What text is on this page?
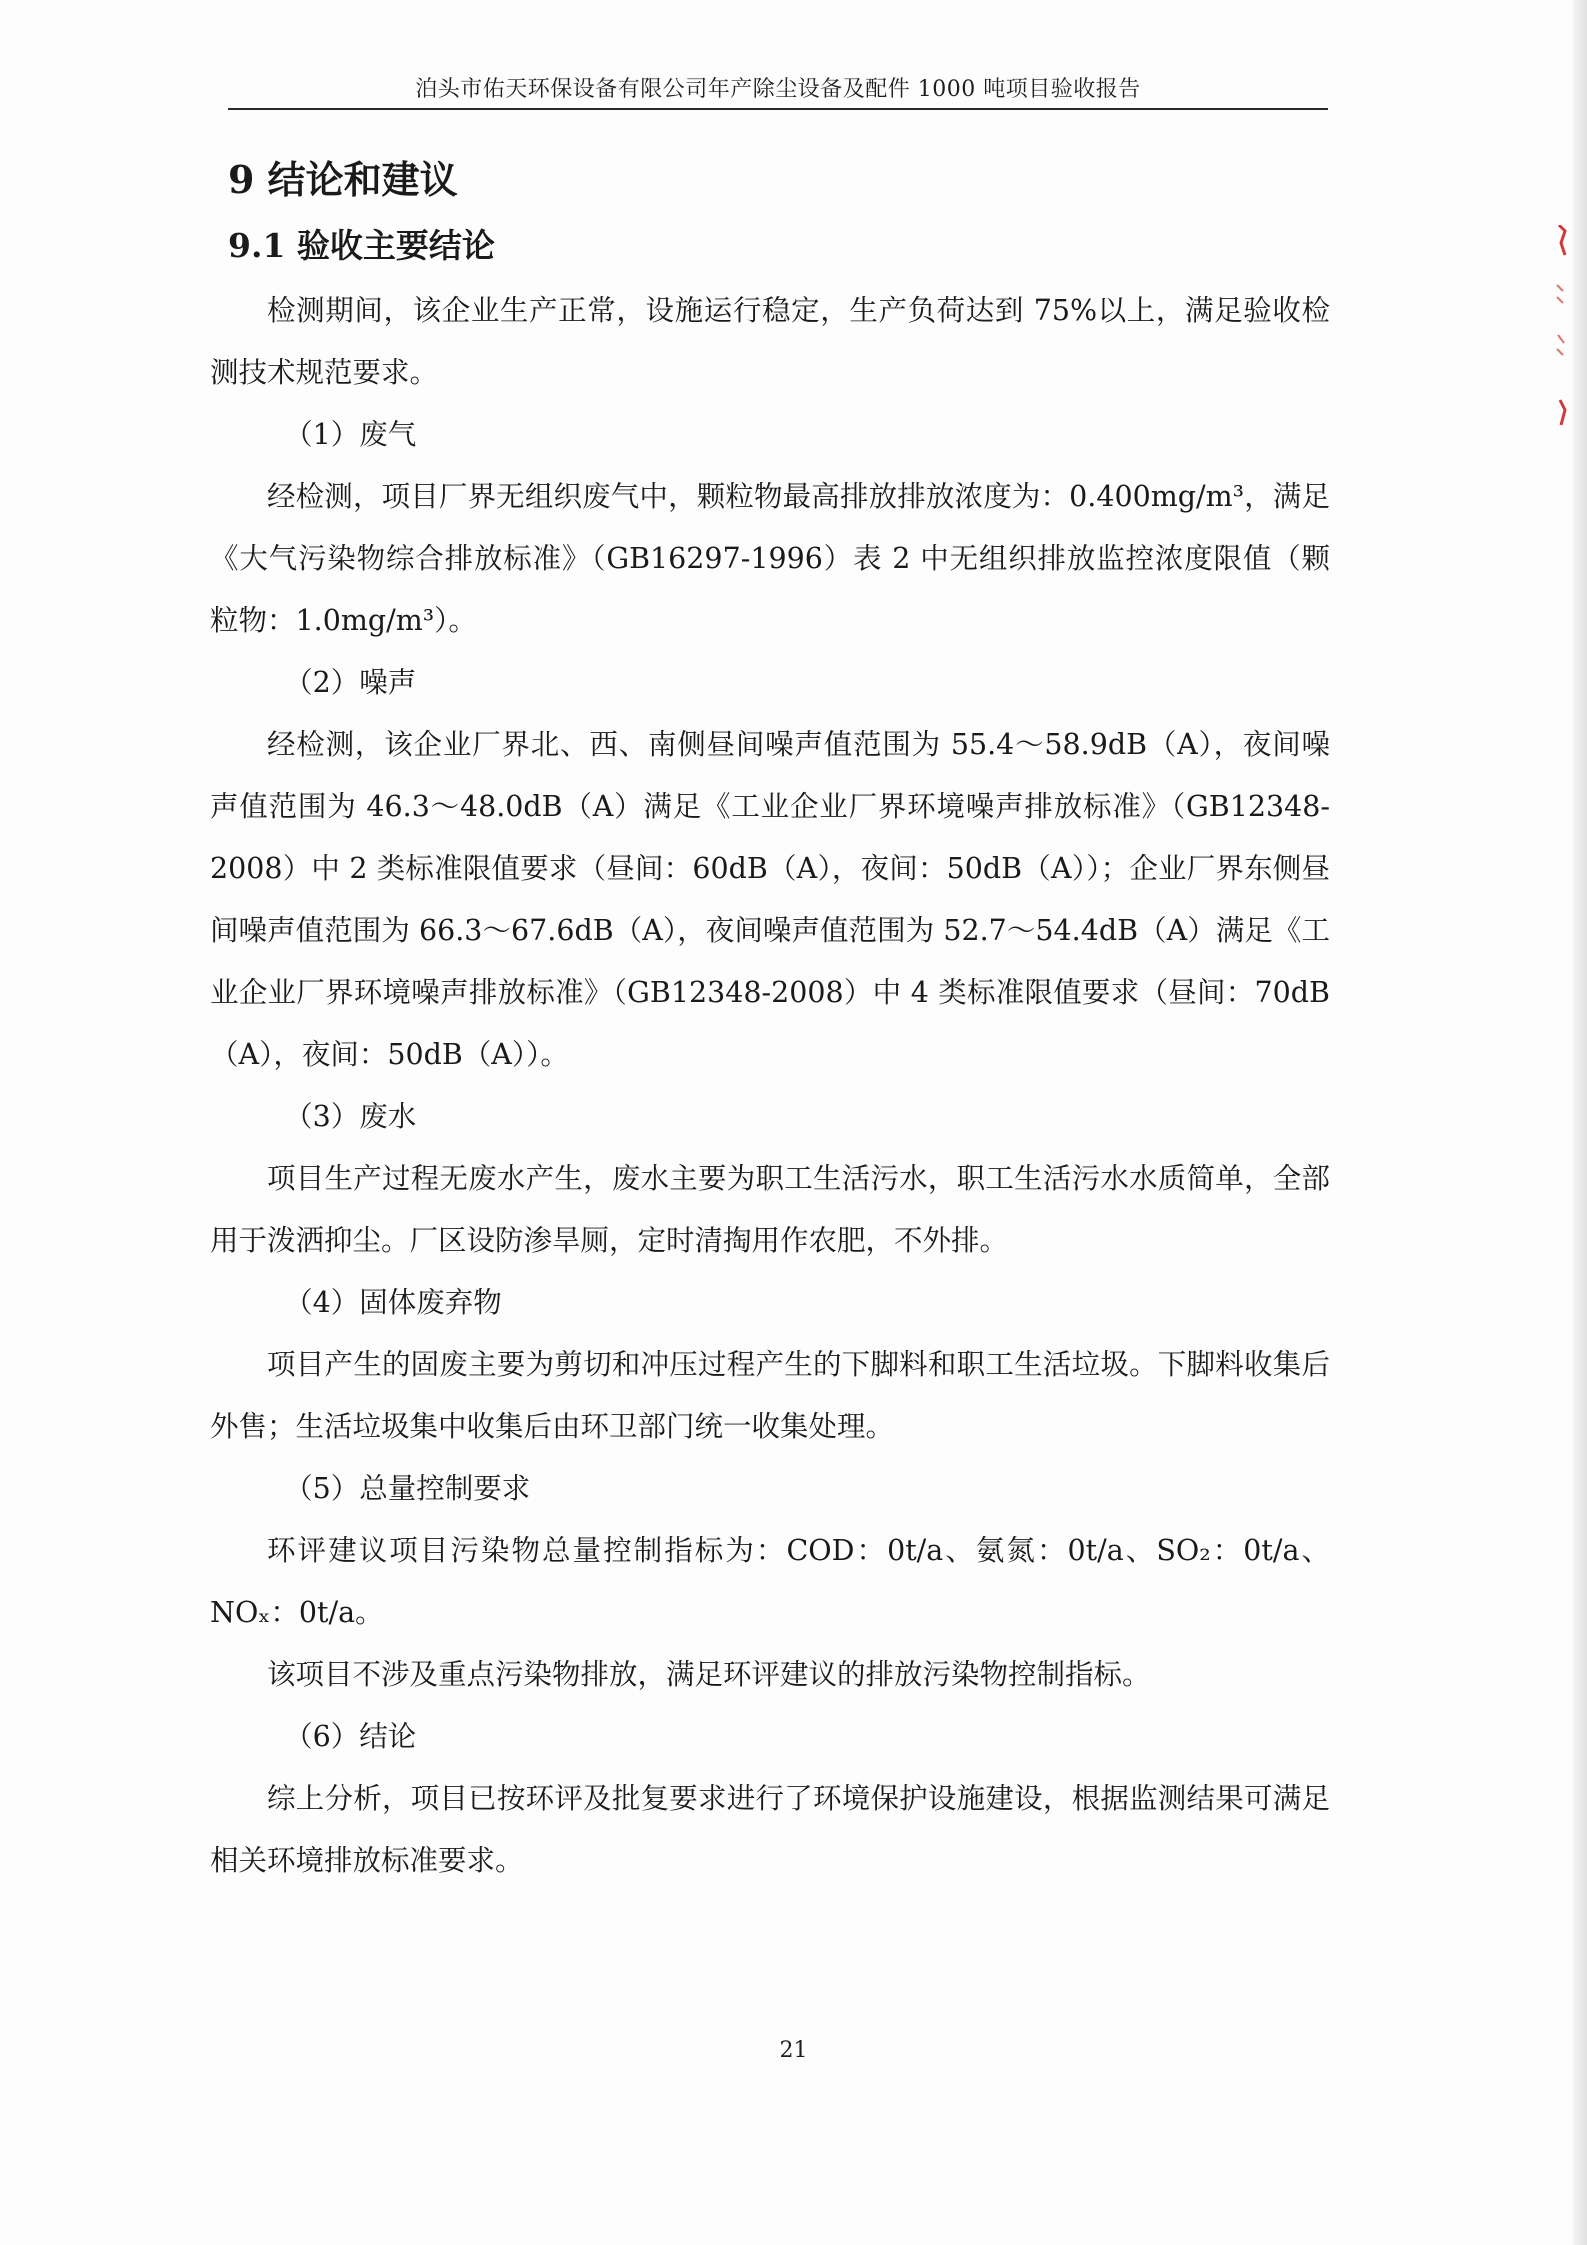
泊头市佑天环保设备有限公司年产除尘设备及配件 1000 吨项目验收报告
9 结论和建议
9.1 验收主要结论

检测期间，该企业生产正常，设施运行稳定，生产负荷达到 75%以上，满足验收检测技术规范要求。

（1）废气

经检测，项目厂界无组织废气中，颗粒物最高排放排放浓度为：0.400mg/m³，满足《大气污染物综合排放标准》（GB16297-1996）表 2 中无组织排放监控浓度限值（颗粒物：1.0mg/m³）。

（2）噪声

经检测，该企业厂界北、西、南侧昼间噪声值范围为 55.4～58.9dB（A），夜间噪声值范围为 46.3～48.0dB（A）满足《工业企业厂界环境噪声排放标准》（GB12348-2008）中 2 类标准限值要求（昼间：60dB（A），夜间：50dB（A））；企业厂界东侧昼间噪声值范围为 66.3～67.6dB（A），夜间噪声值范围为 52.7～54.4dB（A）满足《工业企业厂界环境噪声排放标准》（GB12348-2008）中 4 类标准限值要求（昼间：70dB（A），夜间：50dB（A））。

（3）废水

项目生产过程无废水产生，废水主要为职工生活污水，职工生活污水水质简单，全部用于泼洒抑尘。厂区设防渗旱厕，定时清掏用作农肥，不外排。

（4）固体废弃物

项目产生的固废主要为剪切和冲压过程产生的下脚料和职工生活垃圾。下脚料收集后外售；生活垃圾集中收集后由环卫部门统一收集处理。

（5）总量控制要求

环评建议项目污染物总量控制指标为：COD：0t/a、氨氮：0t/a、SO₂：0t/a、NOₓ：0t/a。

该项目不涉及重点污染物排放，满足环评建议的排放污染物控制指标。

（6）结论

综上分析，项目已按环评及批复要求进行了环境保护设施建设，根据监测结果可满足相关环境排放标准要求。

21
